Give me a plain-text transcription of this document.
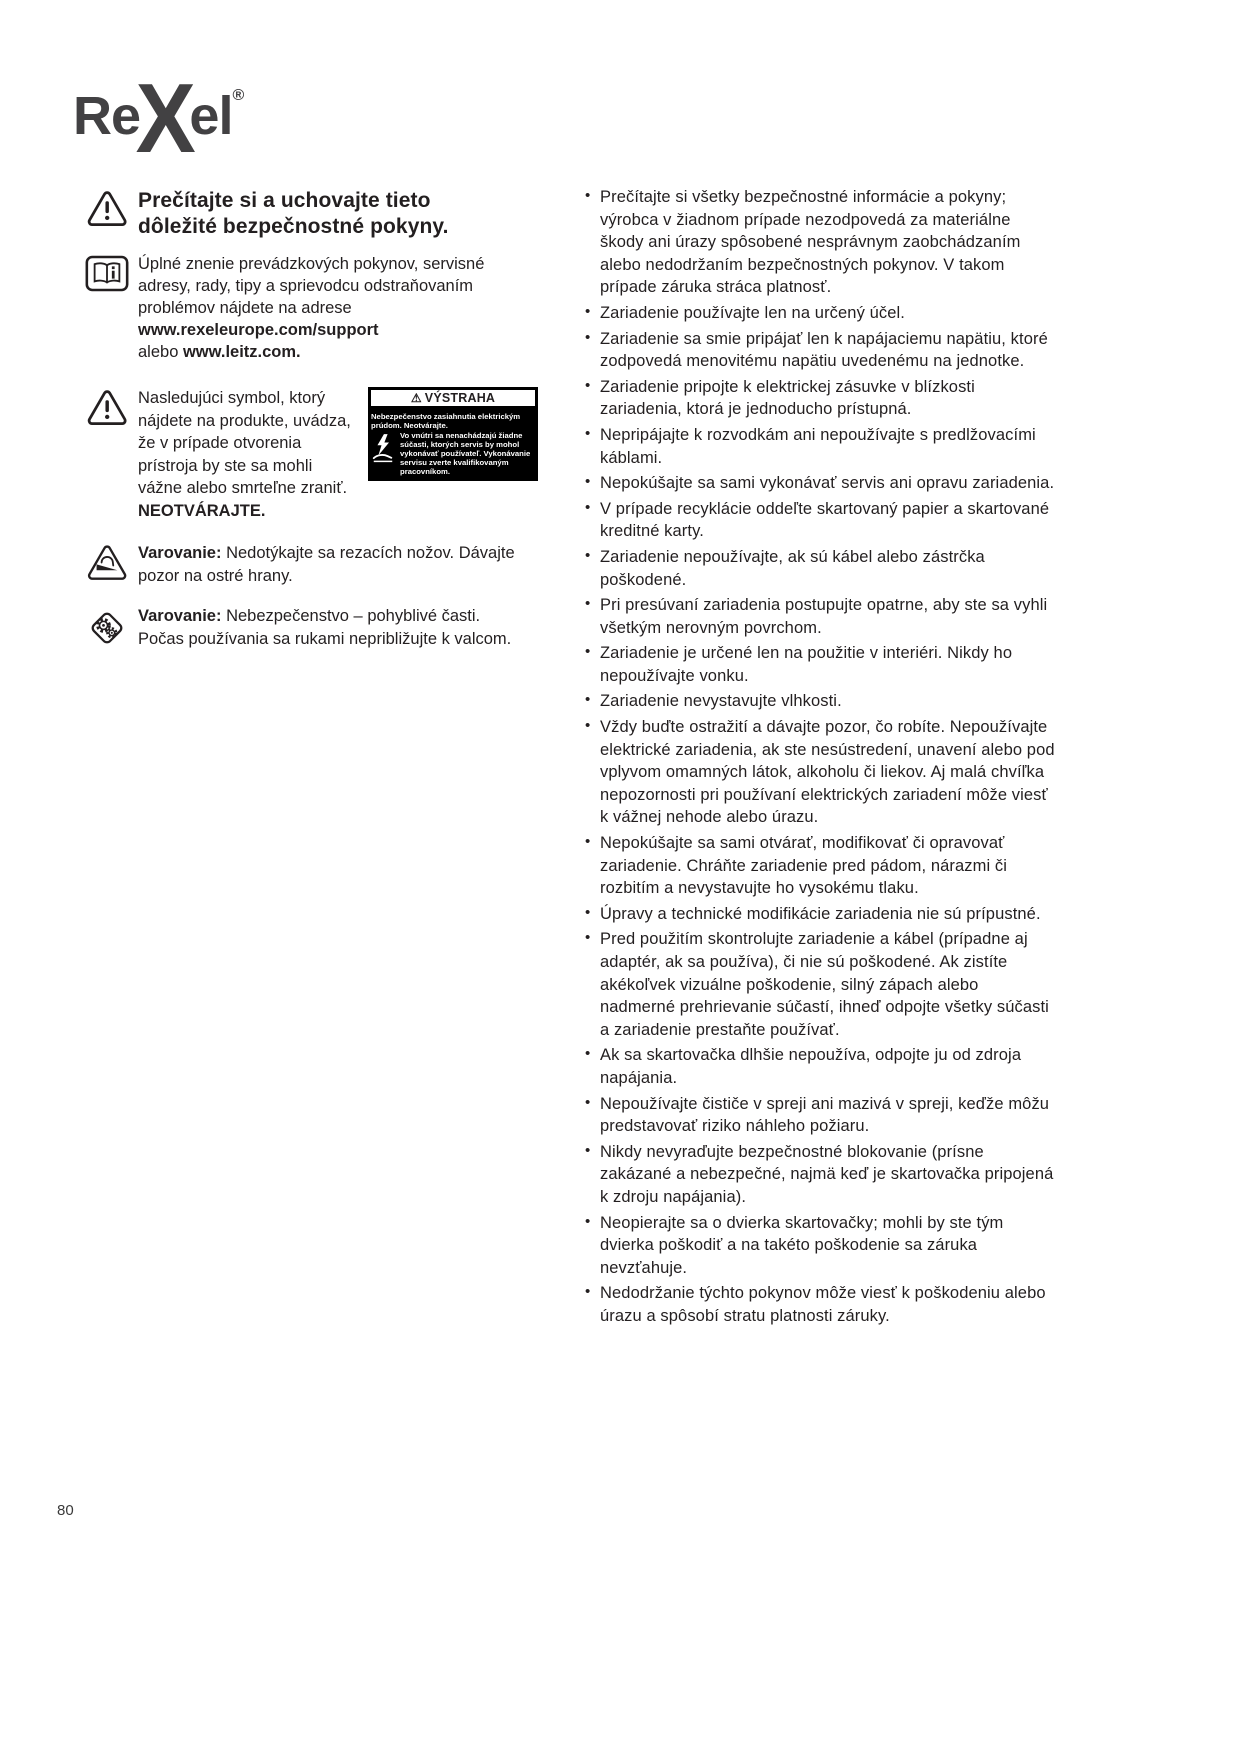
ReXel®
Prečítajte si a uchovajte tieto dôležité bezpečnostné pokyny.
Úplné znenie prevádzkových pokynov, servisné adresy, rady, tipy a sprievodcu odstraňovaním problémov nájdete na adrese
www.rexeleurope.com/support
alebo www.leitz.com.

Nasledujúci symbol, ktorý nájdete na produkte, uvádza, že v prípade otvorenia prístroja by ste sa mohli vážne alebo smrteľne zraniť. NEOTVÁRAJTE.

⚠ VÝSTRAHA
Nebezpečenstvo zasiahnutia elektrickým prúdom. Neotvárajte.
Vo vnútri sa nenachádzajú žiadne súčasti, ktorých servis by mohol vykonávať používateľ. Vykonávanie servisu zverte kvalifikovaným pracovníkom.

Varovanie: Nedotýkajte sa rezacích nožov. Dávajte pozor na ostré hrany.

Varovanie: Nebezpečenstvo – pohyblivé časti. Počas používania sa rukami nepribližujte k valcom.

• Prečítajte si všetky bezpečnostné informácie a pokyny; výrobca v žiadnom prípade nezodpovedá za materiálne škody ani úrazy spôsobené nesprávnym zaobchádzaním alebo nedodržaním bezpečnostných pokynov. V takom prípade záruka stráca platnosť.
• Zariadenie používajte len na určený účel.
• Zariadenie sa smie pripájať len k napájaciemu napätiu, ktoré zodpovedá menovitému napätiu uvedenému na jednotke.
• Zariadenie pripojte k elektrickej zásuvke v blízkosti zariadenia, ktorá je jednoducho prístupná.
• Nepripájajte k rozvodkám ani nepoužívajte s predlžovacími káblami.
• Nepokúšajte sa sami vykonávať servis ani opravu zariadenia.
• V prípade recyklácie oddeľte skartovaný papier a skartované kreditné karty.
• Zariadenie nepoužívajte, ak sú kábel alebo zástrčka poškodené.
• Pri presúvaní zariadenia postupujte opatrne, aby ste sa vyhli všetkým nerovným povrchom.
• Zariadenie je určené len na použitie v interiéri. Nikdy ho nepoužívajte vonku.
• Zariadenie nevystavujte vlhkosti.
• Vždy buďte ostražití a dávajte pozor, čo robíte. Nepoužívajte elektrické zariadenia, ak ste nesústredení, unavení alebo pod vplyvom omamných látok, alkoholu či liekov. Aj malá chvíľka nepozornosti pri používaní elektrických zariadení môže viesť k vážnej nehode alebo úrazu.
• Nepokúšajte sa sami otvárať, modifikovať či opravovať zariadenie. Chráňte zariadenie pred pádom, nárazmi či rozbitím a nevystavujte ho vysokému tlaku.
• Úpravy a technické modifikácie zariadenia nie sú prípustné.
• Pred použitím skontrolujte zariadenie a kábel (prípadne aj adaptér, ak sa používa), či nie sú poškodené. Ak zistíte akékoľvek vizuálne poškodenie, silný zápach alebo nadmerné prehrievanie súčastí, ihneď odpojte všetky súčasti a zariadenie prestaňte používať.
• Ak sa skartovačka dlhšie nepoužíva, odpojte ju od zdroja napájania.
• Nepoužívajte čističe v spreji ani mazivá v spreji, keďže môžu predstavovať riziko náhleho požiaru.
• Nikdy nevyraďujte bezpečnostné blokovanie (prísne zakázané a nebezpečné, najmä keď je skartovačka pripojená k zdroju napájania).
• Neopierajte sa o dvierka skartovačky; mohli by ste tým dvierka poškodiť a na takéto poškodenie sa záruka nevzťahuje.
• Nedodržanie týchto pokynov môže viesť k poškodeniu alebo úrazu a spôsobí stratu platnosti záruky.
80
